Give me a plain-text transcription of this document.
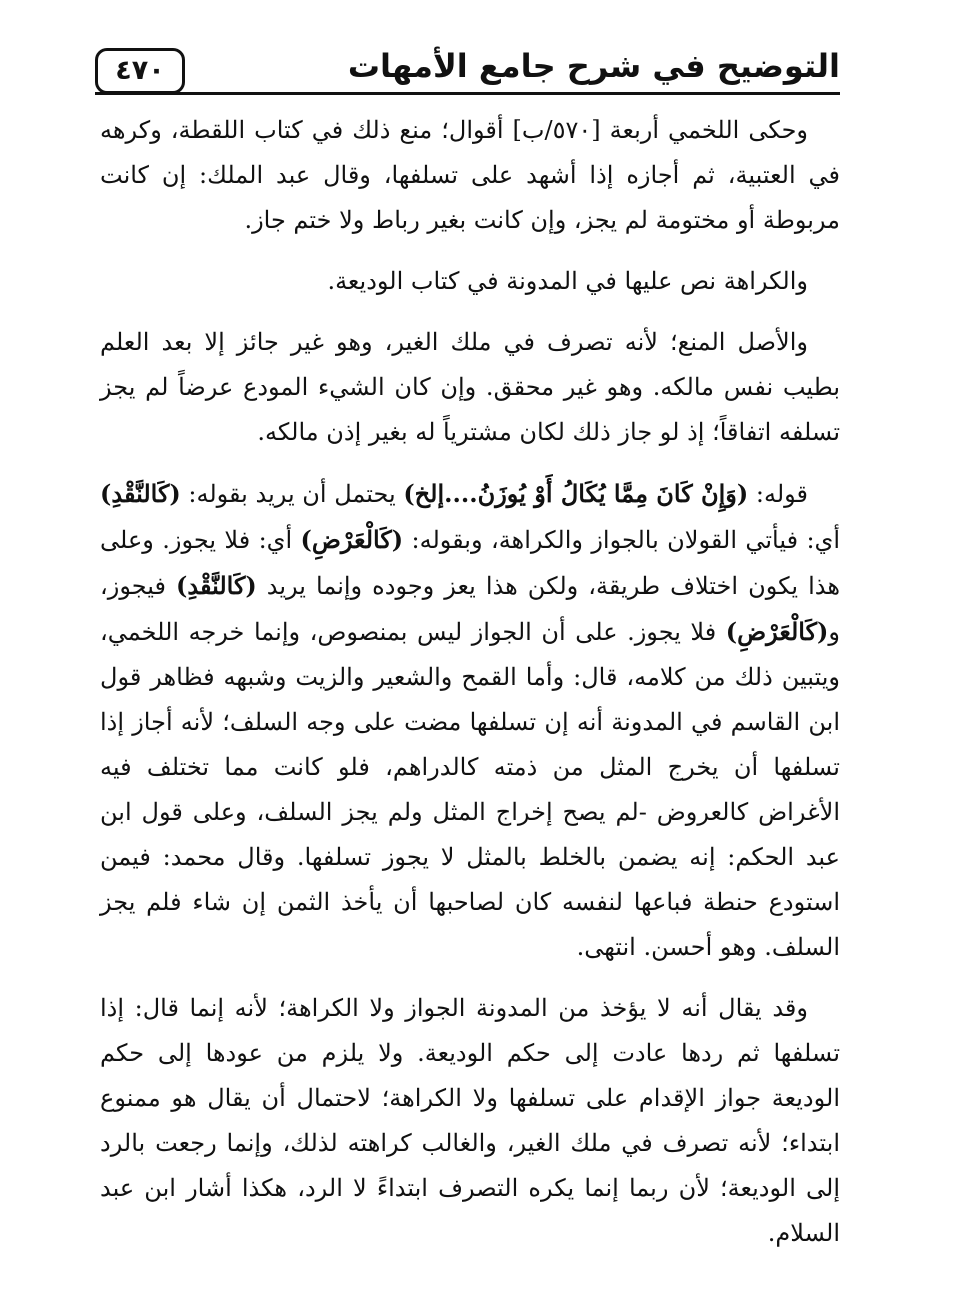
٤٧٠	التوضيح في شرح جامع الأمهات

وحكى اللخمي أربعة [٥٧٠/ب] أقوال؛ منع ذلك في كتاب اللقطة، وكرهه في العتبية، ثم أجازه إذا أشهد على تسلفها، وقال عبد الملك: إن كانت مربوطة أو مختومة لم يجز، وإن كانت بغير رباط ولا ختم جاز.

والكراهة نص عليها في المدونة في كتاب الوديعة.

والأصل المنع؛ لأنه تصرف في ملك الغير، وهو غير جائز إلا بعد العلم بطيب نفس مالكه. وهو غير محقق. وإن كان الشيء المودع عرضاً لم يجز تسلفه اتفاقاً؛ إذ لو جاز ذلك لكان مشترياً له بغير إذن مالكه.

قوله: (وَإِنْ كَانَ مِمَّا يُكَالُ أَوْ يُوزَنُ....إلخ) يحتمل أن يريد بقوله: (كَالنَّقْدِ) أي: فيأتي القولان بالجواز والكراهة، وبقوله: (كَالْعَرْضِ) أي: فلا يجوز. وعلى هذا يكون اختلاف طريقة، ولكن هذا يعز وجوده وإنما يريد (كَالنَّقْدِ) فيجوز، و(كَالْعَرْضِ) فلا يجوز. على أن الجواز ليس بمنصوص، وإنما خرجه اللخمي، ويتبين ذلك من كلامه، قال: وأما القمح والشعير والزيت وشبهه فظاهر قول ابن القاسم في المدونة أنه إن تسلفها مضت على وجه السلف؛ لأنه أجاز إذا تسلفها أن يخرج المثل من ذمته كالدراهم، فلو كانت مما تختلف فيه الأغراض كالعروض -لم يصح إخراج المثل ولم يجز السلف، وعلى قول ابن عبد الحكم: إنه يضمن بالخلط بالمثل لا يجوز تسلفها. وقال محمد: فيمن استودع حنطة فباعها لنفسه كان لصاحبها أن يأخذ الثمن إن شاء فلم يجز السلف. وهو أحسن. انتهى.

وقد يقال أنه لا يؤخذ من المدونة الجواز ولا الكراهة؛ لأنه إنما قال: إذا تسلفها ثم ردها عادت إلى حكم الوديعة. ولا يلزم من عودها إلى حكم الوديعة جواز الإقدام على تسلفها ولا الكراهة؛ لاحتمال أن يقال هو ممنوع ابتداء؛ لأنه تصرف في ملك الغير، والغالب كراهته لذلك، وإنما رجعت بالرد إلى الوديعة؛ لأن ربما إنما يكره التصرف ابتداءً لا الرد، هكذا أشار ابن عبد السلام.
